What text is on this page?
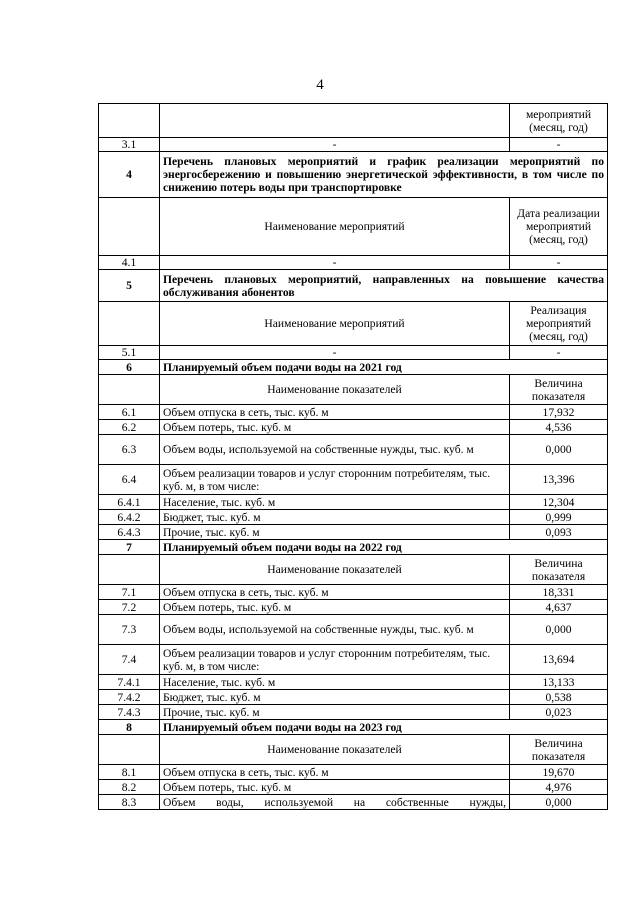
4
		мероприятий (месяц, год)
3.1	-	-
4	Перечень плановых мероприятий и график реализации мероприятий по энергосбережению и повышению энергетической эффективности, в том числе по снижению потерь воды при транспортировке	
	Наименование мероприятий	Дата реализации мероприятий (месяц, год)
4.1	-	-
5	Перечень плановых мероприятий, направленных на повышение качества обслуживания абонентов	
	Наименование мероприятий	Реализация мероприятий (месяц, год)
5.1	-	-
6	Планируемый объем подачи воды на 2021 год	
	Наименование показателей	Величина показателя
6.1	Объем отпуска в сеть, тыс. куб. м	17,932
6.2	Объем потерь, тыс. куб. м	4,536
6.3	Объем воды, используемой на собственные нужды, тыс. куб. м	0,000
6.4	Объем реализации товаров и услуг сторонним потребителям, тыс. куб. м, в том числе:	13,396
6.4.1	Население, тыс. куб. м	12,304
6.4.2	Бюджет, тыс. куб. м	0,999
6.4.3	Прочие, тыс. куб. м	0,093
7	Планируемый объем подачи воды на 2022 год	
	Наименование показателей	Величина показателя
7.1	Объем отпуска в сеть, тыс. куб. м	18,331
7.2	Объем потерь, тыс. куб. м	4,637
7.3	Объем воды, используемой на собственные нужды, тыс. куб. м	0,000
7.4	Объем реализации товаров и услуг сторонним потребителям, тыс. куб. м, в том числе:	13,694
7.4.1	Население, тыс. куб. м	13,133
7.4.2	Бюджет, тыс. куб. м	0,538
7.4.3	Прочие, тыс. куб. м	0,023
8	Планируемый объем подачи воды на 2023 год	
	Наименование показателей	Величина показателя
8.1	Объем отпуска в сеть, тыс. куб. м	19,670
8.2	Объем потерь, тыс. куб. м	4,976
8.3	Объем воды, используемой на собственные нужды,	0,000
